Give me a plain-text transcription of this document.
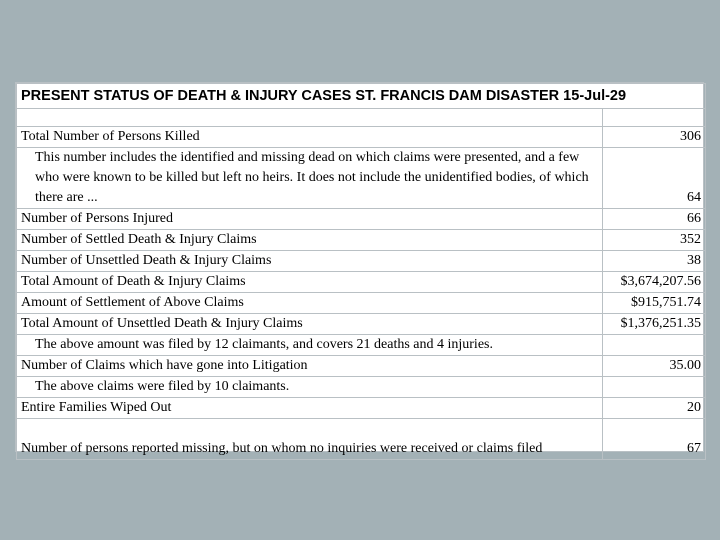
PRESENT STATUS OF DEATH & INJURY CASES ST. FRANCIS DAM DISASTER 15-Jul-29	

Total Number of Persons Killed	306
This number includes the identified and missing dead on which claims were presented, and a few who were known to be killed but left no heirs. It does not include the unidentified bodies, of which there are ...	64
Number of Persons Injured	66
Number of Settled Death & Injury Claims	352
Number of Unsettled Death & Injury Claims	38
Total Amount of Death & Injury Claims	$3,674,207.56
Amount of Settlement of Above Claims	$915,751.74
Total Amount of Unsettled Death & Injury Claims	$1,376,251.35
The above amount was filed by 12 claimants, and covers 21 deaths and 4 injuries.	
Number of Claims which have gone into Litigation	35.00
The above claims were filed by 10 claimants.	
Entire Families Wiped Out	20
Number of persons reported missing, but on whom no inquiries were received or claims filed	67
